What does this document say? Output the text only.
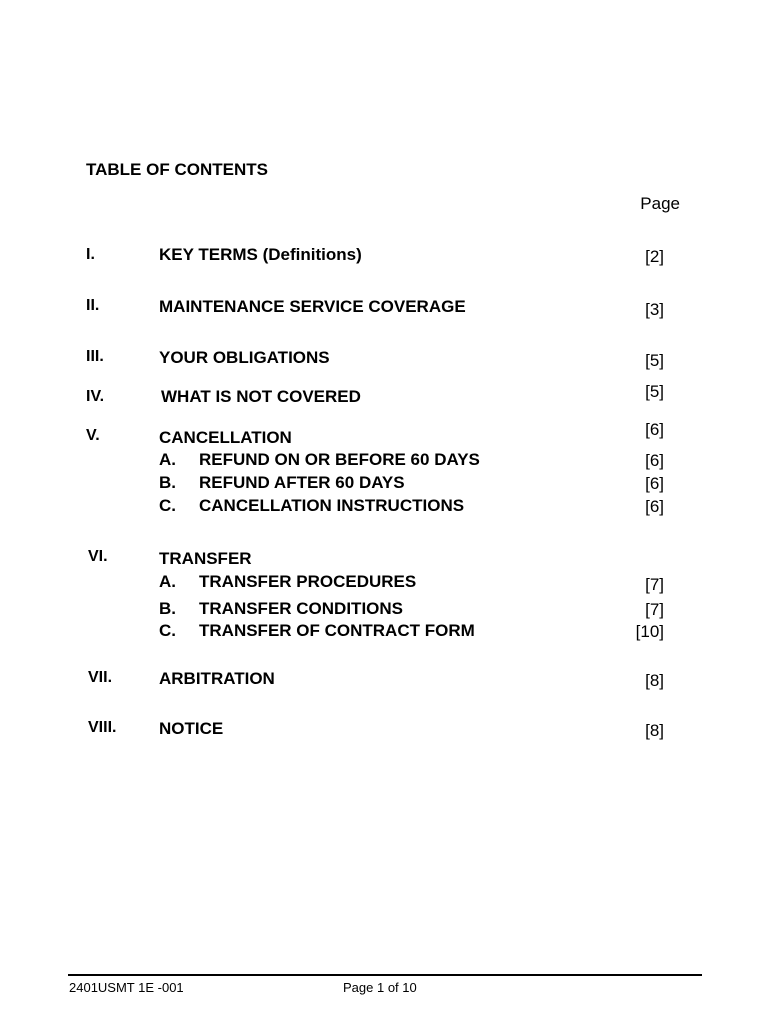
TABLE OF CONTENTS
Page
I.	KEY TERMS (Definitions)	[2]
II.	MAINTENANCE SERVICE COVERAGE	[3]
III.	YOUR OBLIGATIONS	[5]
IV.	WHAT IS NOT COVERED	[5]
V.	CANCELLATION	[6]
A. REFUND ON OR BEFORE 60 DAYS	[6]
B. REFUND AFTER 60 DAYS	[6]
C. CANCELLATION INSTRUCTIONS	[6]
VI.	TRANSFER
A. TRANSFER PROCEDURES	[7]
B. TRANSFER CONDITIONS	[7]
C. TRANSFER OF CONTRACT FORM	[10]
VII.	ARBITRATION	[8]
VIII.	NOTICE	[8]
2401USMT 1E -001	Page 1 of 10
